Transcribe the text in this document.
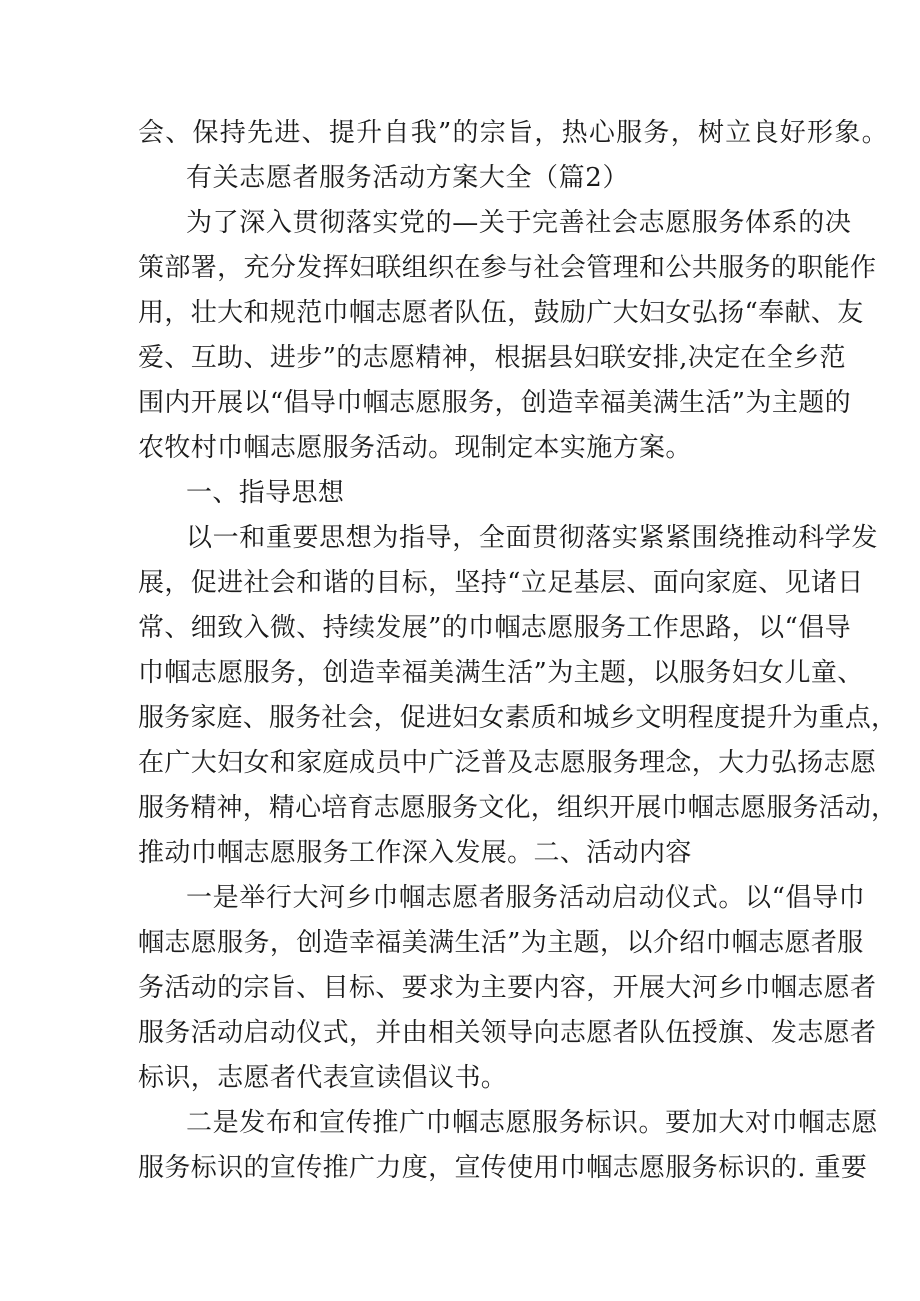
会、保持先进、提升自我”的宗旨，热心服务，树立良好形象。
有关志愿者服务活动方案大全（篇2）
为了深入贯彻落实党的—关于完善社会志愿服务体系的决
策部署，充分发挥妇联组织在参与社会管理和公共服务的职能作
用，壮大和规范巾帼志愿者队伍，鼓励广大妇女弘扬“奉献、友
爱、互助、进步”的志愿精神，根据县妇联安排,决定在全乡范
围内开展以“倡导巾帼志愿服务，创造幸福美满生活”为主题的
农牧村巾帼志愿服务活动。现制定本实施方案。
一、指导思想
以一和重要思想为指导，全面贯彻落实紧紧围绕推动科学发
展，促进社会和谐的目标，坚持“立足基层、面向家庭、见诸日
常、细致入微、持续发展”的巾帼志愿服务工作思路，以“倡导
巾帼志愿服务，创造幸福美满生活”为主题，以服务妇女儿童、
服务家庭、服务社会，促进妇女素质和城乡文明程度提升为重点，
在广大妇女和家庭成员中广泛普及志愿服务理念，大力弘扬志愿
服务精神，精心培育志愿服务文化，组织开展巾帼志愿服务活动，
推动巾帼志愿服务工作深入发展。二、活动内容
一是举行大河乡巾帼志愿者服务活动启动仪式。以“倡导巾
帼志愿服务，创造幸福美满生活”为主题，以介绍巾帼志愿者服
务活动的宗旨、目标、要求为主要内容，开展大河乡巾帼志愿者
服务活动启动仪式，并由相关领导向志愿者队伍授旗、发志愿者
标识，志愿者代表宣读倡议书。
二是发布和宣传推广巾帼志愿服务标识。要加大对巾帼志愿
服务标识的宣传推广力度，宣传使用巾帼志愿服务标识的. 重要
